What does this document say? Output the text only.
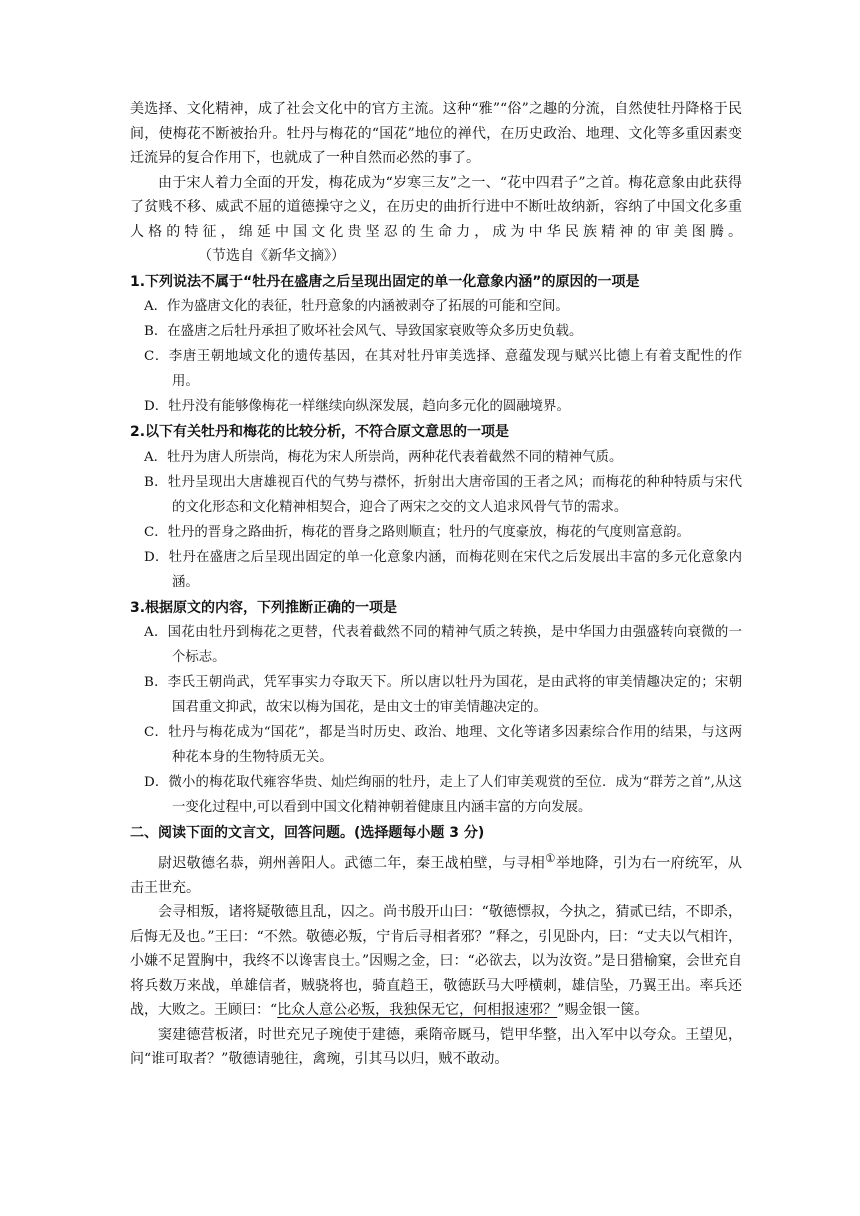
美选择、文化精神，成了社会文化中的官方主流。这种“雅”“俗”之趣的分流，自然使牡丹降格于民间，使梅花不断被抬升。牡丹与梅花的“国花”地位的禅代，在历史政治、地理、文化等多重因素变迁流异的复合作用下，也就成了一种自然而必然的事了。

由于宋人着力全面的开发，梅花成为“岁寒三友”之一、“花中四君子”之首。梅花意象由此获得了贫贱不移、威武不屈的道德操守之义，在历史的曲折行进中不断吐故纳新，容纳了中国文化多重人格的特征，绵延中国文化贵坚忍的生命力，成为中华民族精神的审美图腾。（节选自《新华文摘》）

1.下列说法不属于“牡丹在盛唐之后呈现出固定的单一化意象内涵”的原因的一项是

A．作为盛唐文化的表征，牡丹意象的内涵被剥夺了拓展的可能和空间。

B．在盛唐之后牡丹承担了败坏社会风气、导致国家衰败等众多历史负载。

C．李唐王朝地域文化的遗传基因，在其对牡丹审美选择、意蕴发现与赋兴比德上有着支配性的作用。

D．牡丹没有能够像梅花一样继续向纵深发展，趋向多元化的圆融境界。

2.以下有关牡丹和梅花的比较分析，不符合原文意思的一项是

A．牡丹为唐人所崇尚，梅花为宋人所崇尚，两种花代表着截然不同的精神气质。

B．牡丹呈现出大唐雄视百代的气势与襟怀，折射出大唐帝国的王者之风；而梅花的种种特质与宋代的文化形态和文化精神相契合，迎合了两宋之交的文人追求风骨气节的需求。

C．牡丹的晋身之路曲折，梅花的晋身之路则顺直；牡丹的气度豪放，梅花的气度则富意韵。

D．牡丹在盛唐之后呈现出固定的单一化意象内涵，而梅花则在宋代之后发展出丰富的多元化意象内涵。

3.根据原文的内容，下列推断正确的一项是

A．国花由牡丹到梅花之更替，代表着截然不同的精神气质之转换，是中华国力由强盛转向衰微的一个标志。

B．李氏王朝尚武，凭军事实力夺取天下。所以唐以牡丹为国花，是由武将的审美情趣决定的；宋朝国君重文抑武，故宋以梅为国花，是由文士的审美情趣决定的。

C．牡丹与梅花成为“国花”，都是当时历史、政治、地理、文化等诸多因素综合作用的结果，与这两种花本身的生物特质无关。

D．微小的梅花取代雍容华贵、灿烂绚丽的牡丹，走上了人们审美观赏的至位．成为“群芳之首”,从这一变化过程中,可以看到中国文化精神朝着健康且内涵丰富的方向发展。

二、阅读下面的文言文，回答问题。(选择题每小题 3 分)

尉迟敬德名恭，朔州善阳人。武德二年，秦王战柏壁，与寻相①举地降，引为右一府统军，从击王世充。

会寻相叛，诸将疑敬德且乱，囚之。尚书殷开山曰：“敬德慓叔，今执之，猜贰已结，不即杀，后悔无及也。”王曰：“不然。敬德必叛，宁肯后寻相者邪？”释之，引见卧内，曰：“丈夫以气相许，小嫌不足置胸中，我终不以谗害良士。”因赐之金，曰：“必欲去，以为汝资。”是日猎榆窠，会世充自将兵数万来战，单雄信者，贼骁将也，骑直趋王，敬德跃马大呼横刺，雄信坠，乃翼王出。率兵还战，大败之。王顾曰：“比众人意公必叛，我独保无它，何相报速邪？”赐金银一箧。

窦建德营板渚，时世充兄子琬使于建德，乘隋帝厩马，铠甲华整，出入军中以夸众。王望见，问“谁可取者？”敬德请驰往，禽琬，引其马以归，贼不敢动。
